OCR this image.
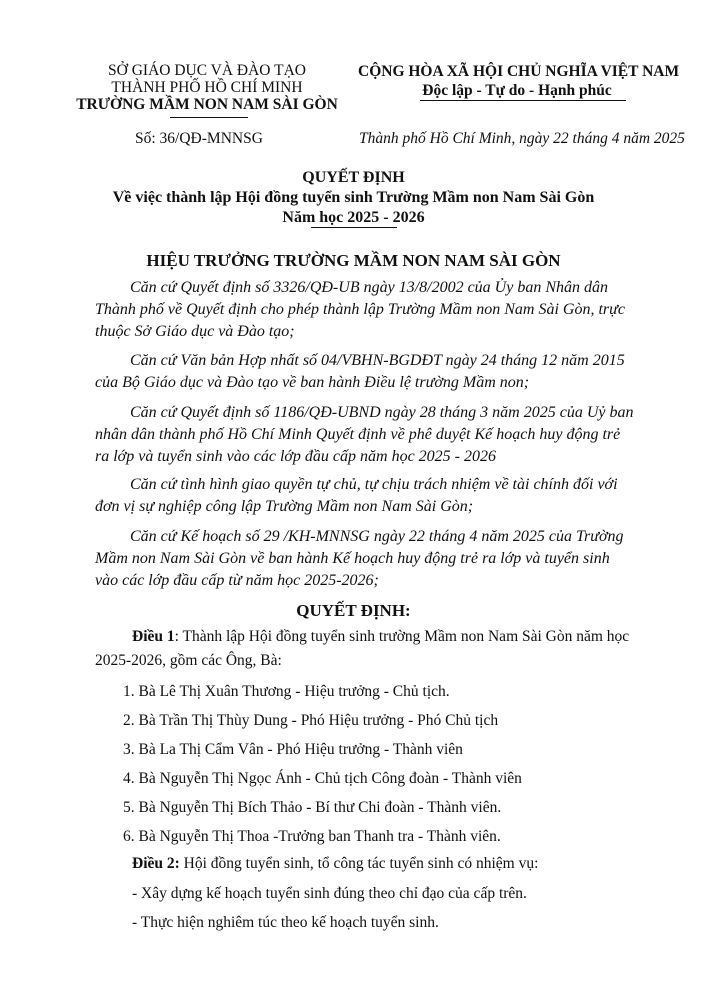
SỞ GIÁO DỤC VÀ ĐÀO TẠO
THÀNH PHỐ HỒ CHÍ MINH
TRƯỜNG MẦM NON NAM SÀI GÒN
CỘNG HÒA XÃ HỘI CHỦ NGHĨA VIỆT NAM
Độc lập - Tự do - Hạnh phúc
Số: 36/QĐ-MNNSG	Thành phố Hồ Chí Minh, ngày 22 tháng 4 năm 2025
QUYẾT ĐỊNH
Về việc thành lập Hội đồng tuyển sinh Trường Mầm non Nam Sài Gòn
Năm học 2025 - 2026
HIỆU TRƯỞNG TRƯỜNG MẦM NON NAM SÀI GÒN
Căn cứ Quyết định số 3326/QĐ-UB ngày 13/8/2002 của Ủy ban Nhân dân
Thành phố về Quyết định cho phép thành lập Trường Mầm non Nam Sài Gòn, trực
thuộc Sở Giáo dục và Đào tạo;
Căn cứ Văn bản Hợp nhất số 04/VBHN-BGDĐT ngày 24 tháng 12 năm 2015
của Bộ Giáo dục và Đào tạo về ban hành Điều lệ trường Mầm non;
Căn cứ Quyết định số 1186/QĐ-UBND ngày 28 tháng 3 năm 2025 của Uỷ ban
nhân dân thành phố Hồ Chí Minh Quyết định về phê duyệt Kế hoạch huy động trẻ
ra lớp và tuyển sinh vào các lớp đầu cấp năm học 2025 - 2026
Căn cứ tình hình giao quyền tự chủ, tự chịu trách nhiệm về tài chính đối với
đơn vị sự nghiệp công lập Trường Mầm non Nam Sài Gòn;
Căn cứ Kế hoạch số 29 /KH-MNNSG ngày 22 tháng 4 năm 2025 của Trường
Mầm non Nam Sài Gòn về ban hành Kế hoạch huy động trẻ ra lớp và tuyển sinh
vào các lớp đầu cấp từ năm học 2025-2026;
QUYẾT ĐỊNH:
Điều 1: Thành lập Hội đồng tuyển sinh trường Mầm non Nam Sài Gòn năm học
2025-2026, gồm các Ông, Bà:
1. Bà Lê Thị Xuân Thương - Hiệu trưởng - Chủ tịch.
2. Bà Trần Thị Thùy Dung - Phó Hiệu trưởng - Phó Chủ tịch
3. Bà La Thị Cẩm Vân - Phó Hiệu trưởng - Thành viên
4. Bà Nguyễn Thị Ngọc Ánh - Chủ tịch Công đoàn - Thành viên
5. Bà Nguyễn Thị Bích Thảo - Bí thư Chi đoàn - Thành viên.
6. Bà Nguyễn Thị Thoa -Trưởng ban Thanh tra - Thành viên.
Điều 2: Hội đồng tuyển sinh, tổ công tác tuyển sinh có nhiệm vụ:
- Xây dựng kế hoạch tuyển sinh đúng theo chỉ đạo của cấp trên.
- Thực hiện nghiêm túc theo kế hoạch tuyển sinh.
